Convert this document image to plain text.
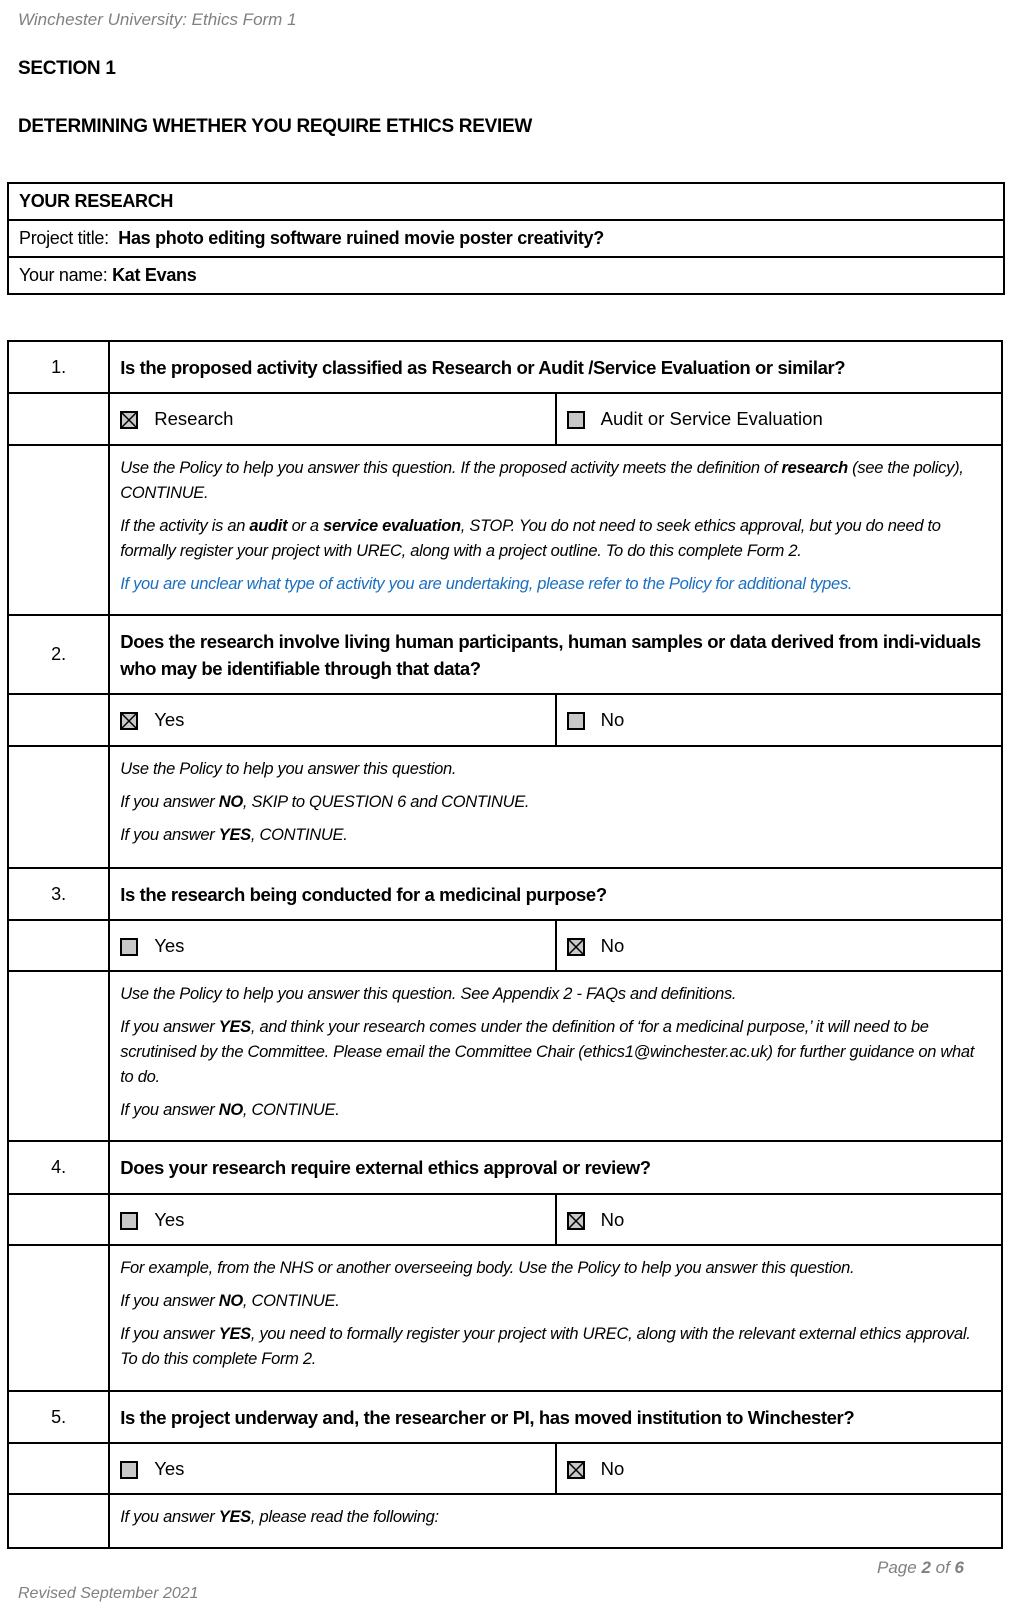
Winchester University: Ethics Form 1
SECTION 1
DETERMINING WHETHER YOU REQUIRE ETHICS REVIEW
YOUR RESEARCH
Project title: Has photo editing software ruined movie poster creativity?
Your name: Kat Evans
1.	Is the proposed activity classified as Research or Audit /Service Evaluation or similar?	

Research	Audit or Service Evaluation

	Use the Policy to help you answer this question. If the proposed activity meets the definition of research (see the policy), CONTINUE.

If the activity is an audit or a service evaluation, STOP. You do not need to seek ethics approval, but you do need to formally register your project with UREC, along with a project outline. To do this complete Form 2.

If you are unclear what type of activity you are undertaking, please refer to the Policy for additional types.	

2.	Does the research involve living human participants, human samples or data derived from indi-viduals who may be identifiable through that data?	

Yes	No

	Use the Policy to help you answer this question.

If you answer NO, SKIP to QUESTION 6 and CONTINUE.

If you answer YES, CONTINUE.	

3.	Is the research being conducted for a medicinal purpose?	
	Yes	No

	Use the Policy to help you answer this question. See Appendix 2 - FAQs and definitions.

If you answer YES, and think your research comes under the definition of ‘for a medicinal purpose,’ it will need to be scrutinised by the Committee. Please email the Committee Chair (ethics1@winchester.ac.uk) for further guidance on what to do.

If you answer NO, CONTINUE.	

4.	Does your research require external ethics approval or review?	
	Yes	No

	For example, from the NHS or another overseeing body. Use the Policy to help you answer this question.

If you answer NO, CONTINUE.

If you answer YES, you need to formally register your project with UREC, along with the relevant external ethics approval. To do this complete Form 2.	

5.	Is the project underway and, the researcher or PI, has moved institution to Winchester?	
	Yes	No

	If you answer YES, please read the following:	

Page 2 of 6
Revised September 2021
